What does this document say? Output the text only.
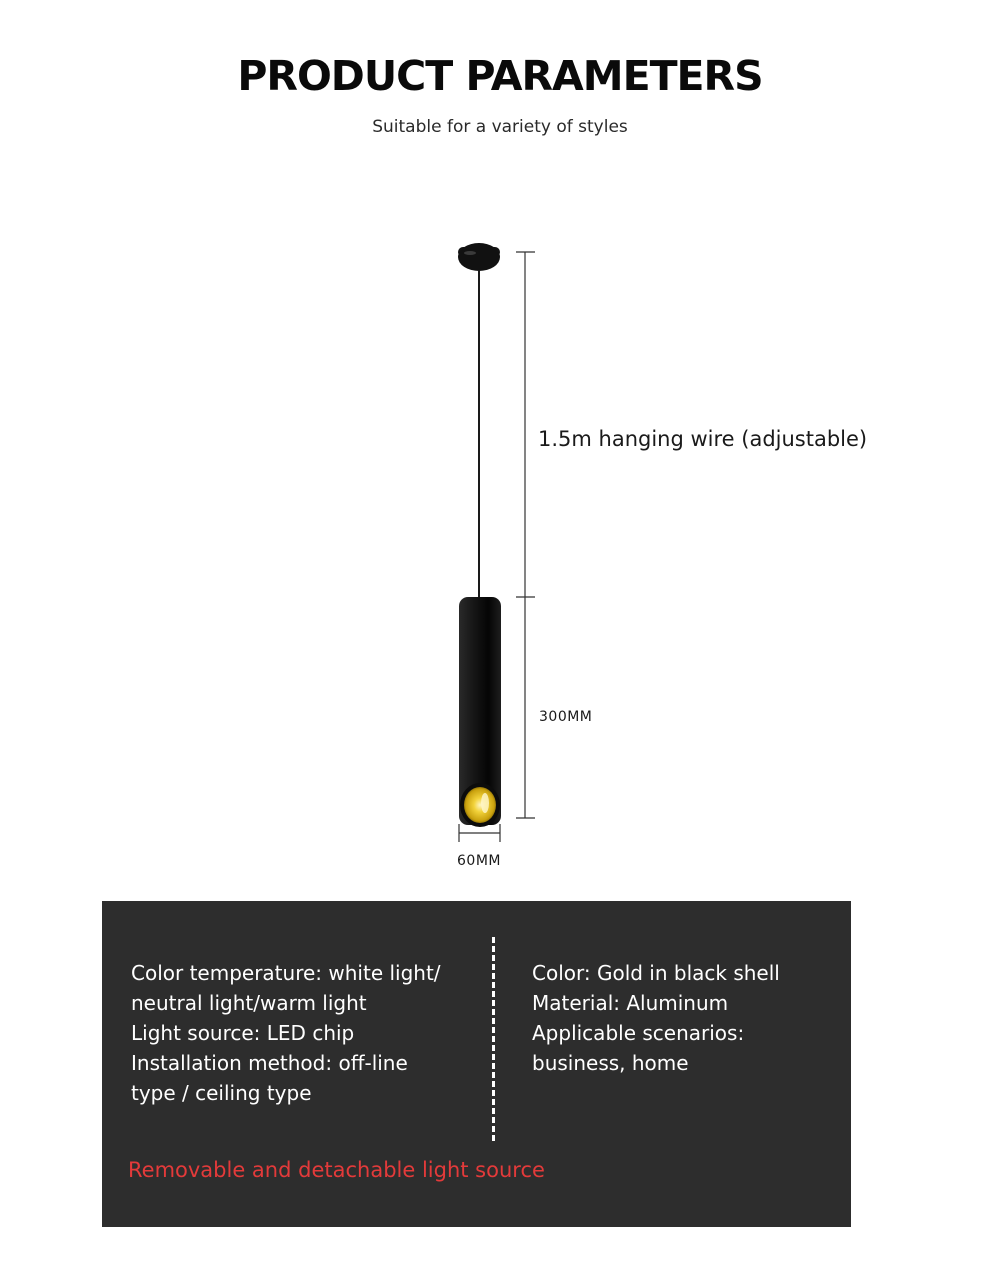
PRODUCT PARAMETERS

Suitable for a variety of styles

1.5m hanging wire (adjustable)

300MM

60MM

Color temperature: white light/
neutral light/warm light
Light source: LED chip
Installation method: off-line
type / ceiling type
Color: Gold in black shell
Material: Aluminum
Applicable scenarios:
business, home

Removable and detachable light source
